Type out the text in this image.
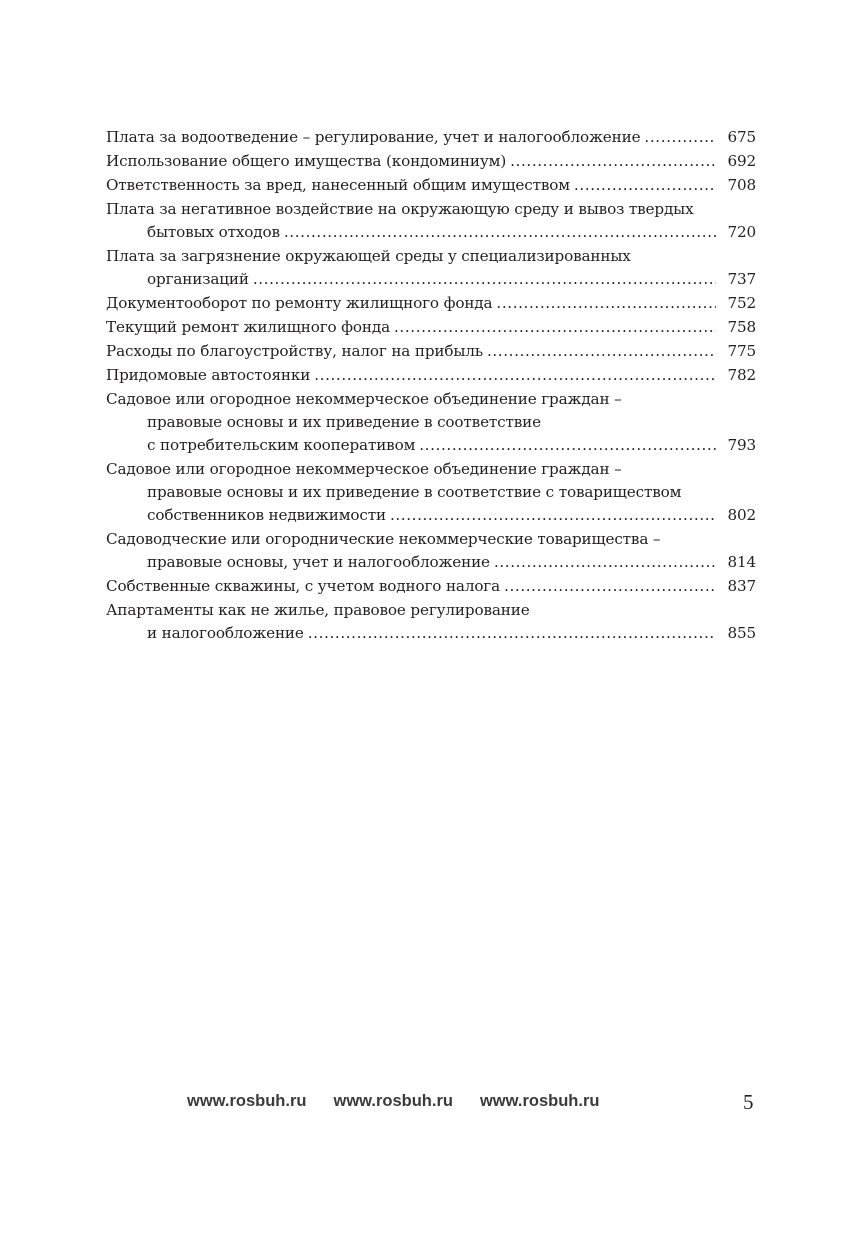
Плата за водоотведение – регулирование, учет и налогообложение .....	675
Использование общего имущества (кондоминиум) .....	692
Ответственность за вред, нанесенный общим имуществом .....	708
Плата за негативное воздействие на окружающую среду и вывоз твердых
бытовых отходов .....	720
Плата за загрязнение окружающей среды у специализированных
организаций .....	737
Документооборот по ремонту жилищного фонда .....	752
Текущий ремонт жилищного фонда .....	758
Расходы по благоустройству, налог на прибыль .....	775
Придомовые автостоянки .....	782
Садовое или огородное некоммерческое объединение граждан –
правовые основы и их приведение в соответствие
с потребительским кооперативом .....	793
Садовое или огородное некоммерческое объединение граждан –
правовые основы и их приведение в соответствие с товариществом
собственников недвижимости .....	802
Садоводческие или огороднические некоммерческие товарищества –
правовые основы, учет и налогообложение .....	814
Собственные скважины, с учетом водного налога .....	837
Апартаменты как не жилье, правовое регулирование
и налогообложение .....	855
www.rosbuh.ru www.rosbuh.ru www.rosbuh.ru	5
